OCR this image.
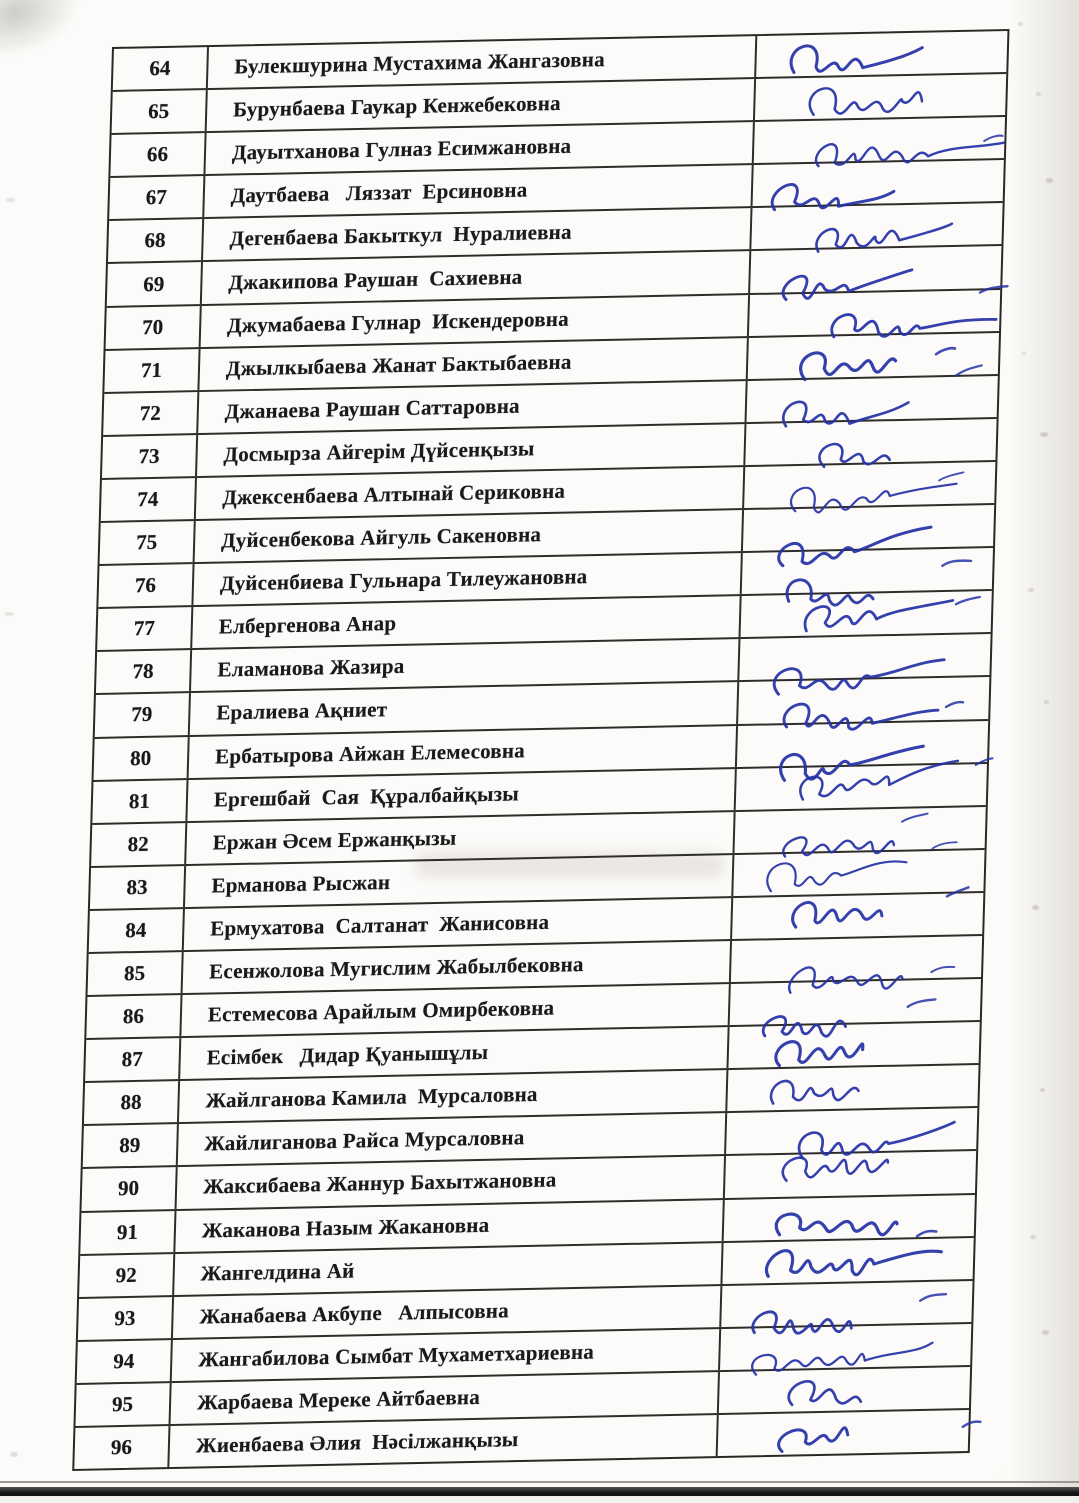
64	Булекшурина Мустахима Жангазовна
65	Бурунбаева Гаукар Кенжебековна
66	Дауытханова Гулназ Есимжановна
67	Даутбаева   Ляззат  Ерсиновна
68	Дегенбаева Бакыткул  Нуралиевна
69	Джакипова Раушан  Сахиевна
70	Джумабаева Гулнар  Искендеровна
71	Джылкыбаева Жанат Бактыбаевна
72	Джанаева Раушан Саттаровна
73	Досмырза Айгерім Дүйсенқызы
74	Джексенбаева Алтынай Сериковна
75	Дуйсенбекова Айгуль Сакеновна
76	Дуйсенбиева Гульнара Тилеужановна
77	Елбергенова Анар
78	Еламанова Жазира
79	Ералиева Ақниет
80	Ербатырова Айжан Елемесовна
81	Ергешбай  Сая  Құралбайқызы
82	Ержан Әсем Ержанқызы
83	Ерманова Рысжан
84	Ермухатова  Салтанат  Жанисовна
85	Есенжолова Мугислим Жабылбековна
86	Естемесова Арайлым Омирбековна
87	Есімбек   Дидар Қуанышұлы
88	Жайлганова Камила  Мурсаловна
89	Жайлиганова Райса Мурсаловна
90	Жаксибаева Жаннур Бахытжановна
91	Жаканова Назым Жакановна
92	Жангелдина Ай
93	Жанабаева Акбупе   Алпысовна
94	Жангабилова Сымбат Мухаметхариевна
95	Жарбаева Мереке Айтбаевна
96	Жиенбаева Әлия  Нәсілжанқызы
